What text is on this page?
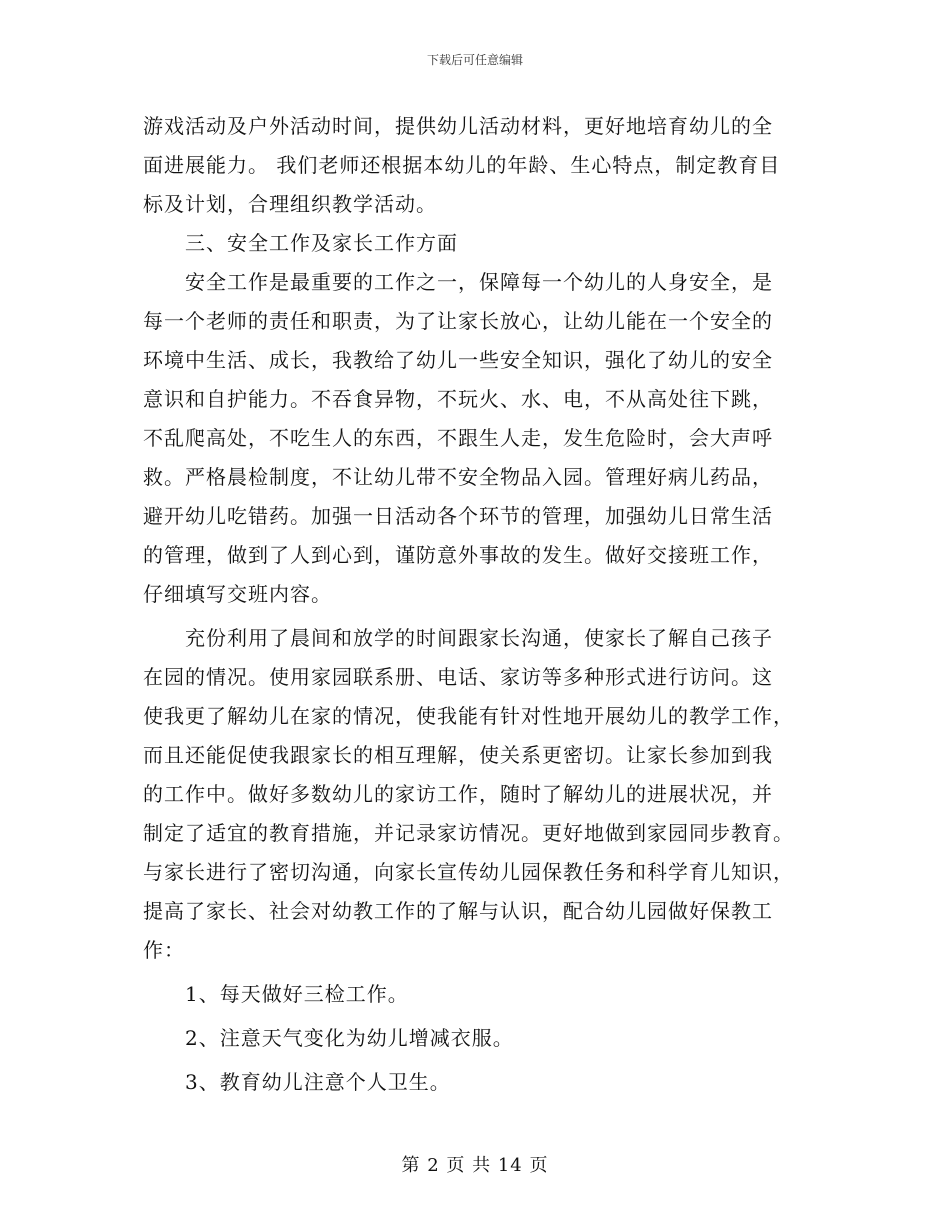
下载后可任意编辑
游戏活动及户外活动时间，提供幼儿活动材料，更好地培育幼儿的全
面进展能力。 我们老师还根据本幼儿的年龄、生心特点，制定教育目
标及计划，合理组织教学活动。
三、安全工作及家长工作方面
安全工作是最重要的工作之一，保障每一个幼儿的人身安全，是
每一个老师的责任和职责，为了让家长放心，让幼儿能在一个安全的
环境中生活、成长，我教给了幼儿一些安全知识，强化了幼儿的安全
意识和自护能力。不吞食异物，不玩火、水、电，不从高处往下跳，
不乱爬高处，不吃生人的东西，不跟生人走，发生危险时，会大声呼
救。严格晨检制度，不让幼儿带不安全物品入园。管理好病儿药品，
避开幼儿吃错药。加强一日活动各个环节的管理，加强幼儿日常生活
的管理，做到了人到心到，谨防意外事故的发生。做好交接班工作，
仔细填写交班内容。
充份利用了晨间和放学的时间跟家长沟通，使家长了解自己孩子
在园的情况。使用家园联系册、电话、家访等多种形式进行访问。这
使我更了解幼儿在家的情况，使我能有针对性地开展幼儿的教学工作，
而且还能促使我跟家长的相互理解，使关系更密切。让家长参加到我
的工作中。做好多数幼儿的家访工作，随时了解幼儿的进展状况，并
制定了适宜的教育措施，并记录家访情况。更好地做到家园同步教育。
与家长进行了密切沟通，向家长宣传幼儿园保教任务和科学育儿知识，
提高了家长、社会对幼教工作的了解与认识，配合幼儿园做好保教工
作：
1、每天做好三检工作。
2、注意天气变化为幼儿增减衣服。
3、教育幼儿注意个人卫生。
第 2 页 共 14 页
